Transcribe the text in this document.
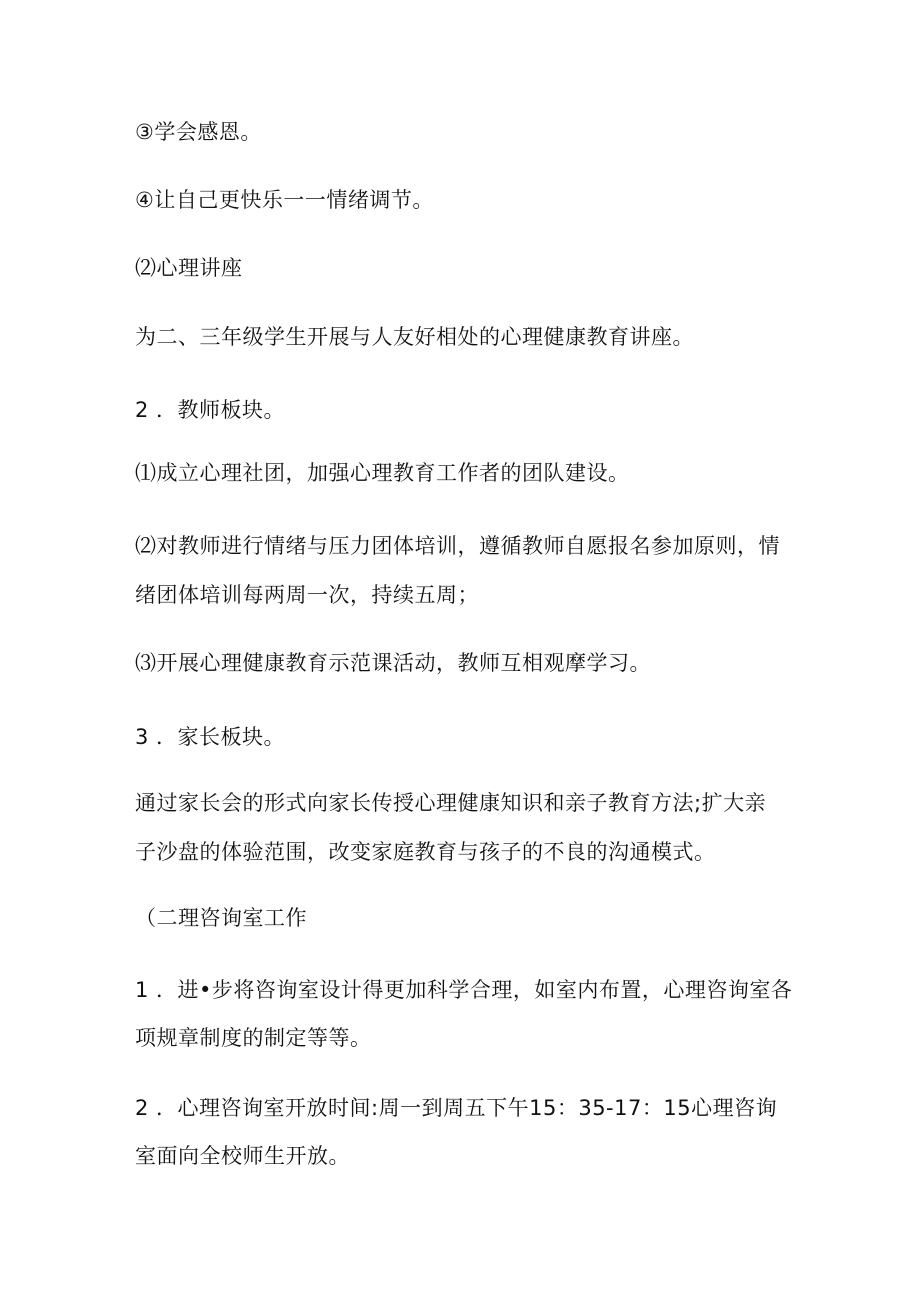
③学会感恩。
④让自己更快乐一一情绪调节。
⑵心理讲座
为二、三年级学生开展与人友好相处的心理健康教育讲座。
2 ．教师板块。
⑴成立心理社团，加强心理教育工作者的团队建设。
⑵对教师进行情绪与压力团体培训，遵循教师自愿报名参加原则，情
绪团体培训每两周一次，持续五周；
⑶开展心理健康教育示范课活动，教师互相观摩学习。
3 ．家长板块。
通过家长会的形式向家长传授心理健康知识和亲子教育方法;扩大亲
子沙盘的体验范围，改变家庭教育与孩子的不良的沟通模式。
（二理咨询室工作
1 ．进•步将咨询室设计得更加科学合理，如室内布置，心理咨询室各
项规章制度的制定等等。
2 ．心理咨询室开放时间:周一到周五下午15：35-17：15心理咨询
室面向全校师生开放。
